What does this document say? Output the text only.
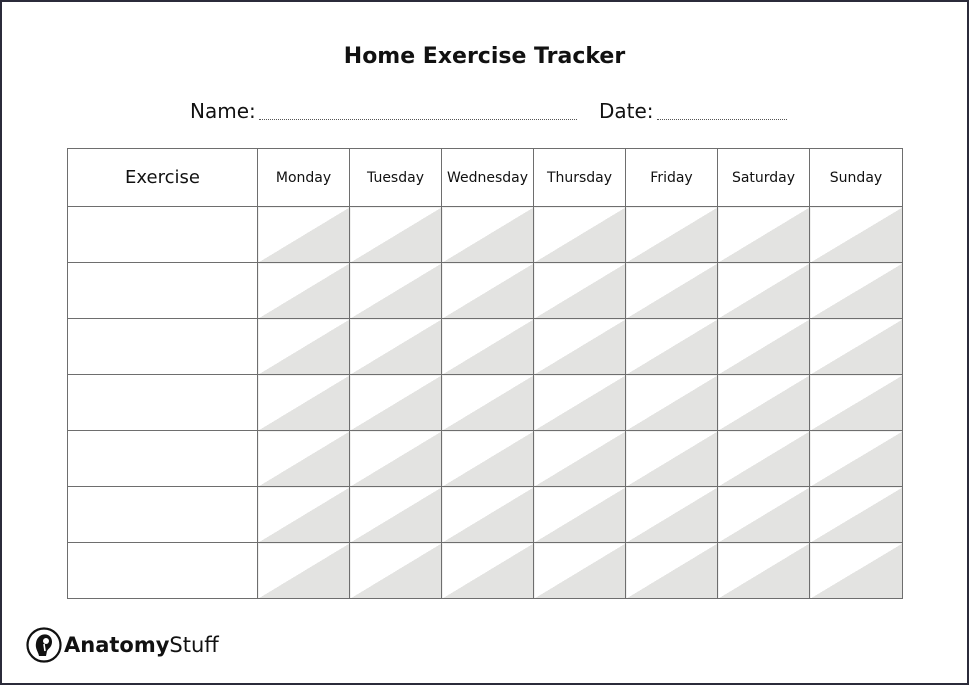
Home Exercise Tracker
Name:	Date:
Exercise	Monday	Tuesday	Wednesday	Thursday	Friday	Saturday	Sunday

Anatomy Stuff
